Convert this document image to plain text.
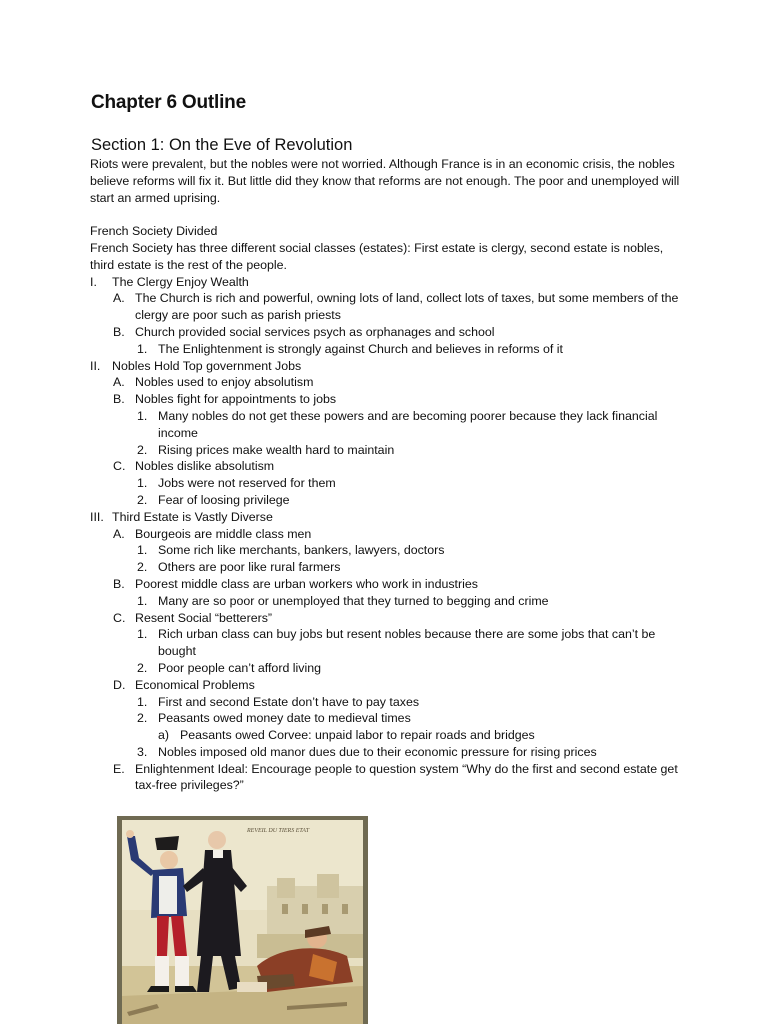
Chapter 6 Outline
Section 1: On the Eve of Revolution

Riots were prevalent, but the nobles were not worried. Although France is in an economic crisis, the nobles believe reforms will fix it. But little did they know that reforms are not enough. The poor and unemployed will start an armed uprising.

French Society Divided

French Society has three different social classes (estates): First estate is clergy, second estate is nobles, third estate is the rest of the people.

I. The Clergy Enjoy Wealth
A. The Church is rich and powerful, owning lots of land, collect lots of taxes, but some members of the clergy are poor such as parish priests
B. Church provided social services psych as orphanages and school
1. The Enlightenment is strongly against Church and believes in reforms of it
II. Nobles Hold Top government Jobs
A. Nobles used to enjoy absolutism
B. Nobles fight for appointments to jobs
1. Many nobles do not get these powers and are becoming poorer because they lack financial income
2. Rising prices make wealth hard to maintain
C. Nobles dislike absolutism
1. Jobs were not reserved for them
2. Fear of loosing privilege
III. Third Estate is Vastly Diverse
A. Bourgeois are middle class men
1. Some rich like merchants, bankers, lawyers, doctors
2. Others are poor like rural farmers
B. Poorest middle class are urban workers who work in industries
1. Many are so poor or unemployed that they turned to begging and crime
C. Resent Social “betterers”
1. Rich urban class can buy jobs but resent nobles because there are some jobs that can’t be bought
2. Poor people can’t afford living
D. Economical Problems
1. First and second Estate don’t have to pay taxes
2. Peasants owed money date to medieval times
a) Peasants owed Corvee: unpaid labor to repair roads and bridges
3. Nobles imposed old manor dues due to their economic pressure for rising prices
E. Enlightenment Ideal: Encourage people to question system “Why do the first and second estate get tax-free privileges?”
REVEIL DU TIERS ETAT
